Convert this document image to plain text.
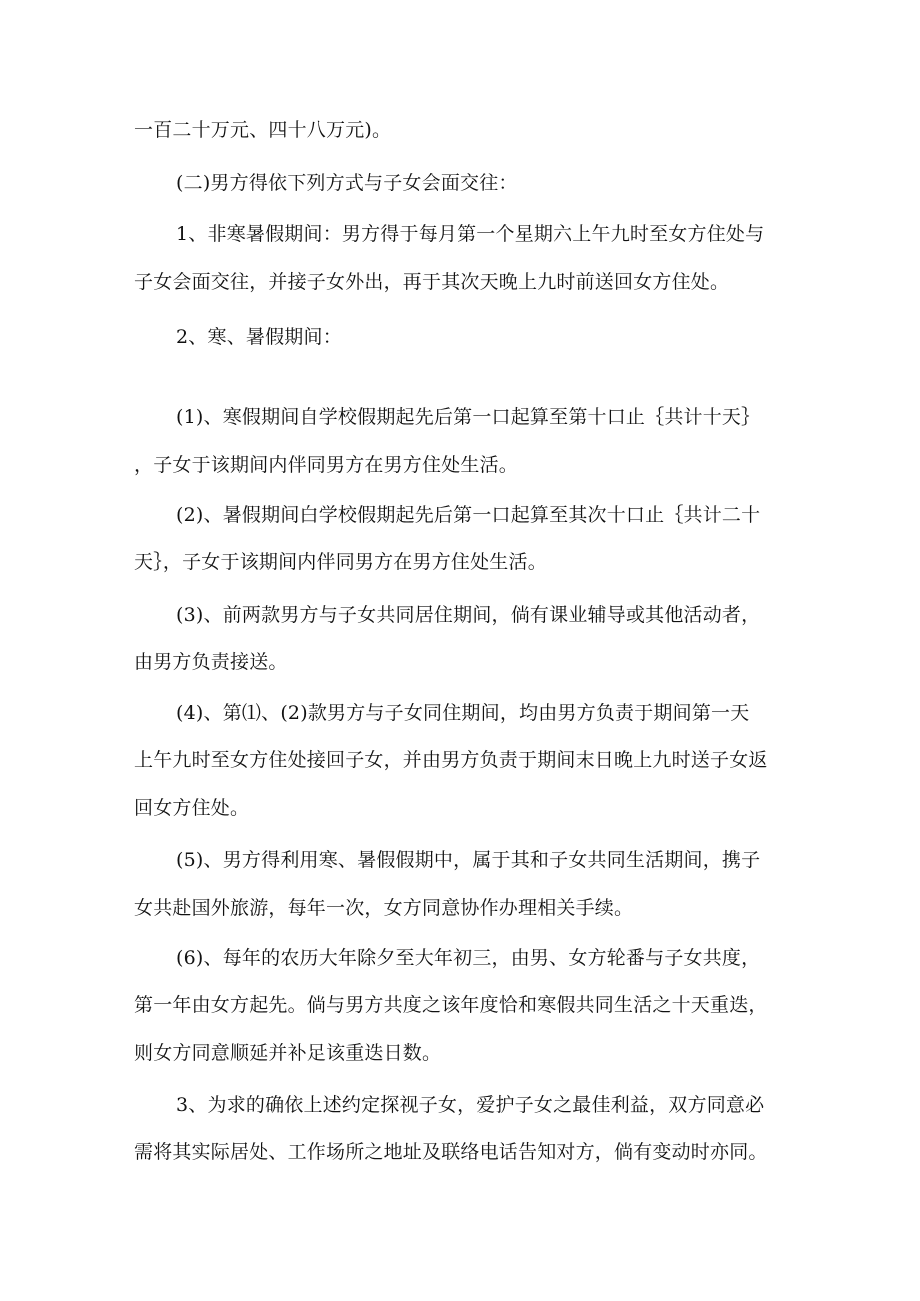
一百二十万元、四十八万元)。
(二)男方得依下列方式与子女会面交往：
1、非寒暑假期间：男方得于每月第一个星期六上午九时至女方住处与
子女会面交往，并接子女外出，再于其次天晚上九时前送回女方住处。
2、寒、暑假期间：
(1)、寒假期间自学校假期起先后第一口起算至第十口止｛共计十天｝
，子女于该期间内伴同男方在男方住处生活。
(2)、暑假期间白学校假期起先后第一口起算至其次十口止｛共计二十
天｝，子女于该期间内伴同男方在男方住处生活。
(3)、前两款男方与子女共同居住期间，倘有课业辅导或其他活动者，
由男方负责接送。
(4)、第⑴、(2)款男方与子女同住期间，均由男方负责于期间第一天
上午九时至女方住处接回子女，并由男方负责于期间末日晚上九时送子女返
回女方住处。
(5)、男方得利用寒、暑假假期中，属于其和子女共同生活期间，携子
女共赴国外旅游，每年一次，女方同意协作办理相关手续。
(6)、每年的农历大年除夕至大年初三，由男、女方轮番与子女共度，
第一年由女方起先。倘与男方共度之该年度恰和寒假共同生活之十天重迭，
则女方同意顺延并补足该重迭日数。
3、为求的确依上述约定探视子女，爱护子女之最佳利益，双方同意必
需将其实际居处、工作场所之地址及联络电话告知对方，倘有变动时亦同。
